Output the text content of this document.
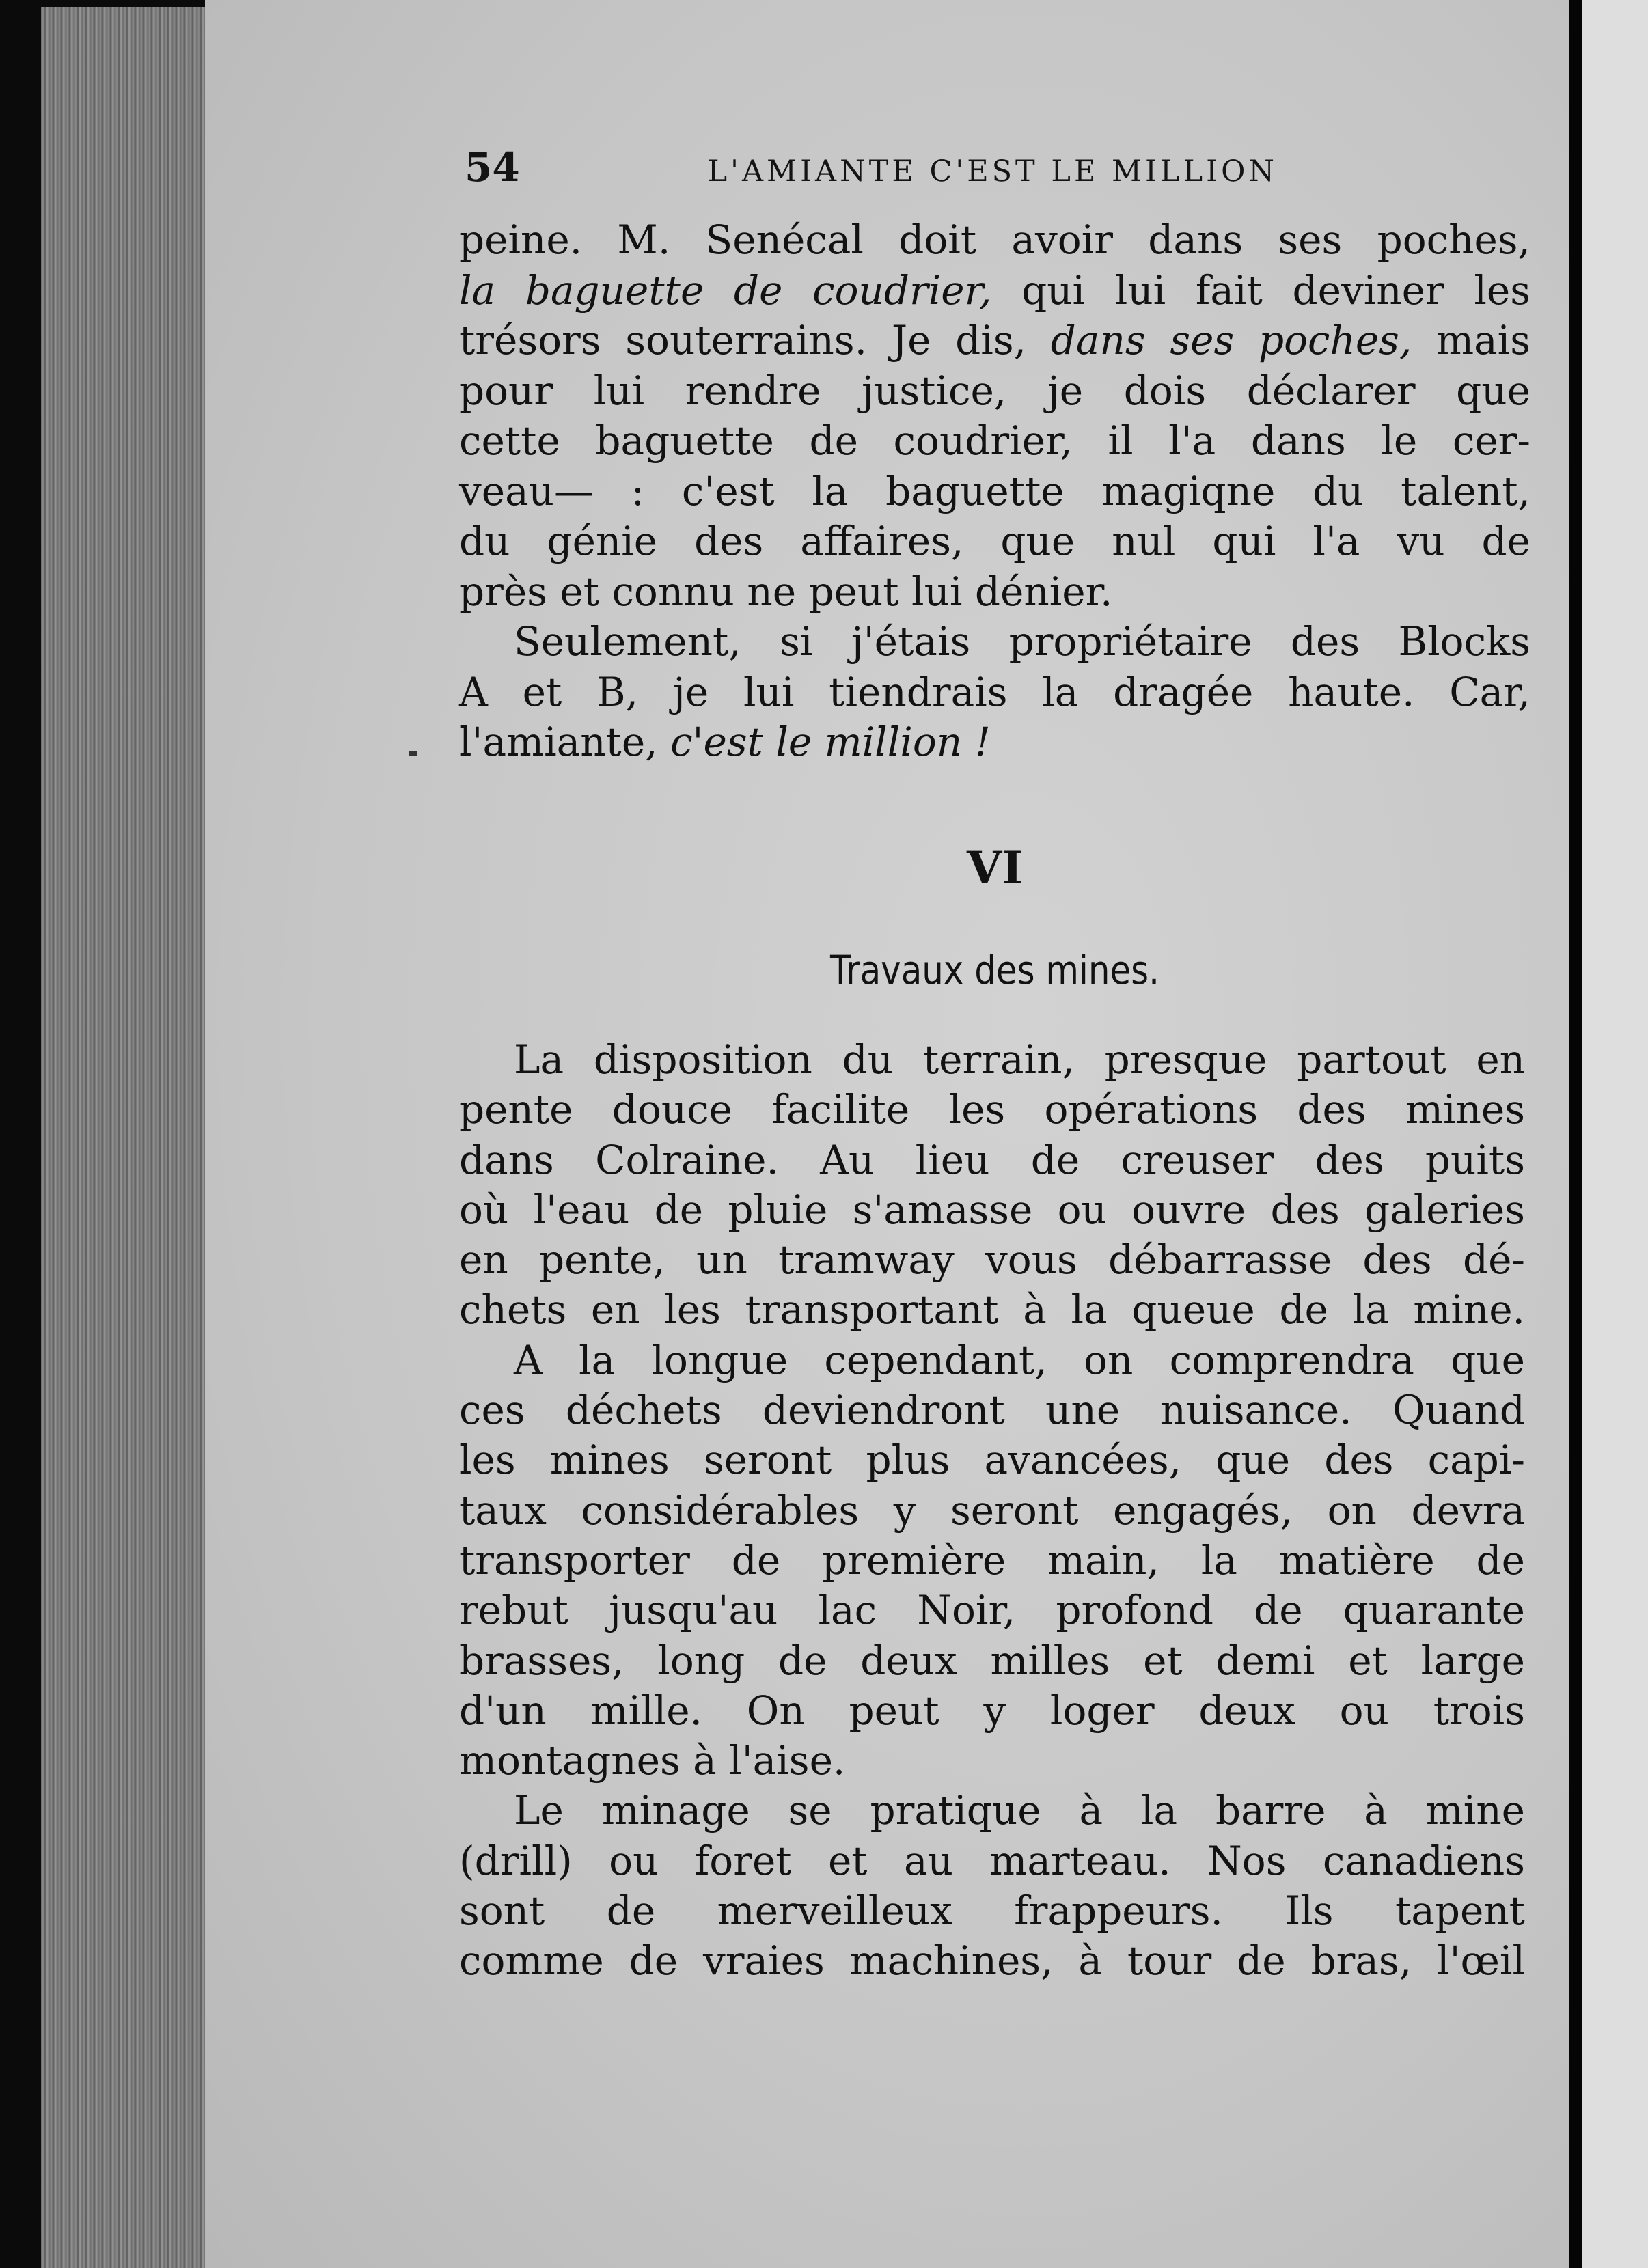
54	L'AMIANTE C'EST LE MILLION
peine. M. Senécal doit avoir dans ses poches,
la baguette de coudrier, qui lui fait deviner les
trésors souterrains. Je dis, dans ses poches, mais
pour lui rendre justice, je dois déclarer que
cette baguette de coudrier, il l'a dans le cer-
veau— : c'est la baguette magiqne du talent,
du génie des affaires, que nul qui l'a vu de
près et connu ne peut lui dénier.
Seulement, si j'étais propriétaire des Blocks
A et B, je lui tiendrais la dragée haute. Car,
l'amiante, c'est le million !
VI
Travaux des mines.
La disposition du terrain, presque partout en
pente douce facilite les opérations des mines
dans Colraine. Au lieu de creuser des puits
où l'eau de pluie s'amasse ou ouvre des galeries
en pente, un tramway vous débarrasse des dé-
chets en les transportant à la queue de la mine.
A la longue cependant, on comprendra que
ces déchets deviendront une nuisance. Quand
les mines seront plus avancées, que des capi-
taux considérables y seront engagés, on devra
transporter de première main, la matière de
rebut jusqu'au lac Noir, profond de quarante
brasses, long de deux milles et demi et large
d'un mille. On peut y loger deux ou trois
montagnes à l'aise.
Le minage se pratique à la barre à mine
(drill) ou foret et au marteau. Nos canadiens
sont de merveilleux frappeurs. Ils tapent
comme de vraies machines, à tour de bras, l'œil
